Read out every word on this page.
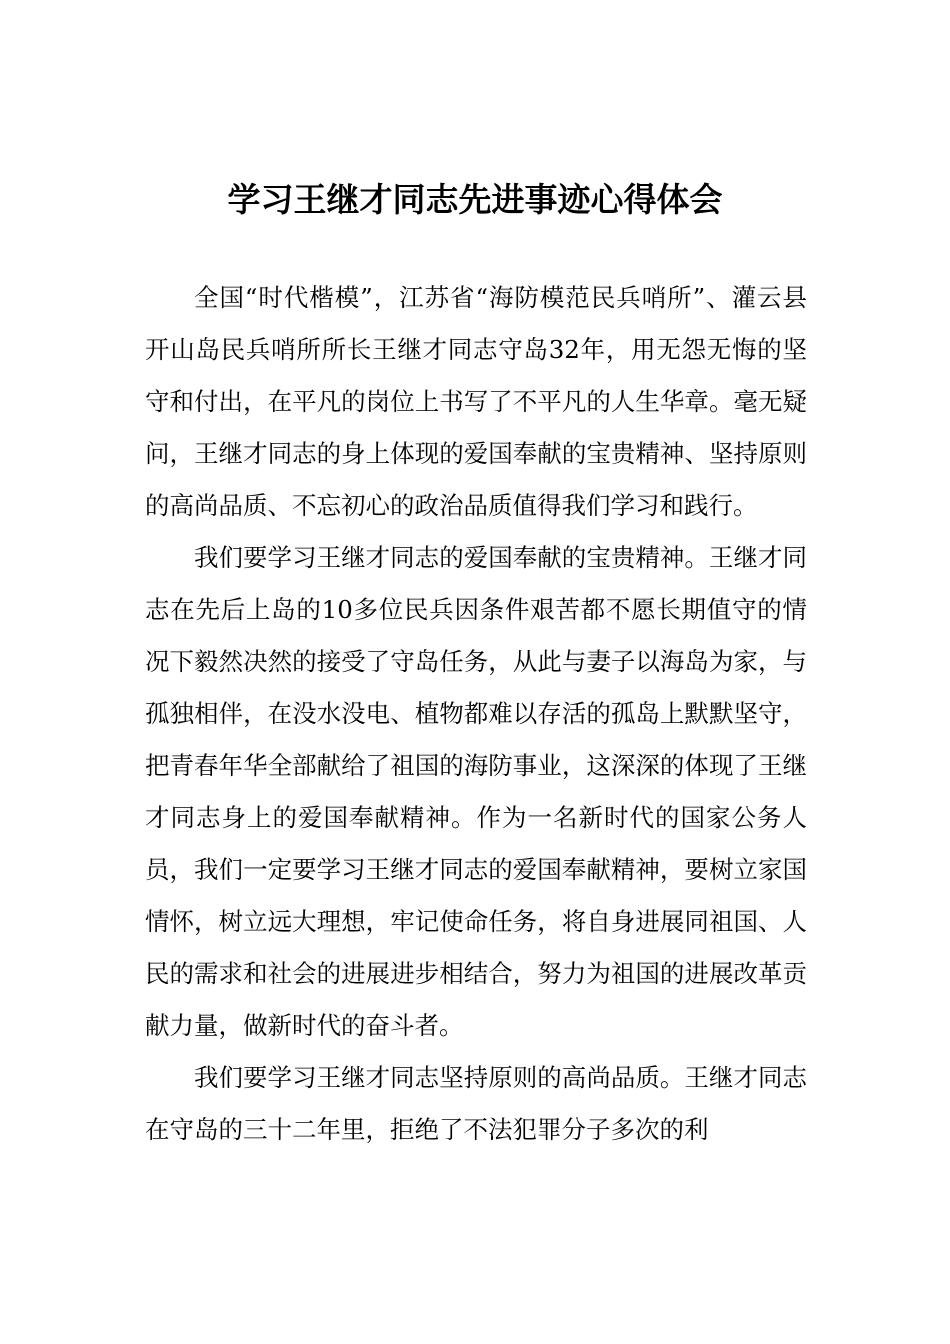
学习王继才同志先进事迹心得体会

全国“时代楷模”，江苏省“海防模范民兵哨所”、灌云县开山岛民兵哨所所长王继才同志守岛32年，用无怨无悔的坚守和付出，在平凡的岗位上书写了不平凡的人生华章。毫无疑问，王继才同志的身上体现的爱国奉献的宝贵精神、坚持原则的高尚品质、不忘初心的政治品质值得我们学习和践行。

我们要学习王继才同志的爱国奉献的宝贵精神。王继才同志在先后上岛的10多位民兵因条件艰苦都不愿长期值守的情况下毅然决然的接受了守岛任务，从此与妻子以海岛为家，与孤独相伴，在没水没电、植物都难以存活的孤岛上默默坚守，把青春年华全部献给了祖国的海防事业，这深深的体现了王继才同志身上的爱国奉献精神。作为一名新时代的国家公务人员，我们一定要学习王继才同志的爱国奉献精神，要树立家国情怀，树立远大理想，牢记使命任务，将自身进展同祖国、人民的需求和社会的进展进步相结合，努力为祖国的进展改革贡献力量，做新时代的奋斗者。

我们要学习王继才同志坚持原则的高尚品质。王继才同志在守岛的三十二年里，拒绝了不法犯罪分子多次的利
